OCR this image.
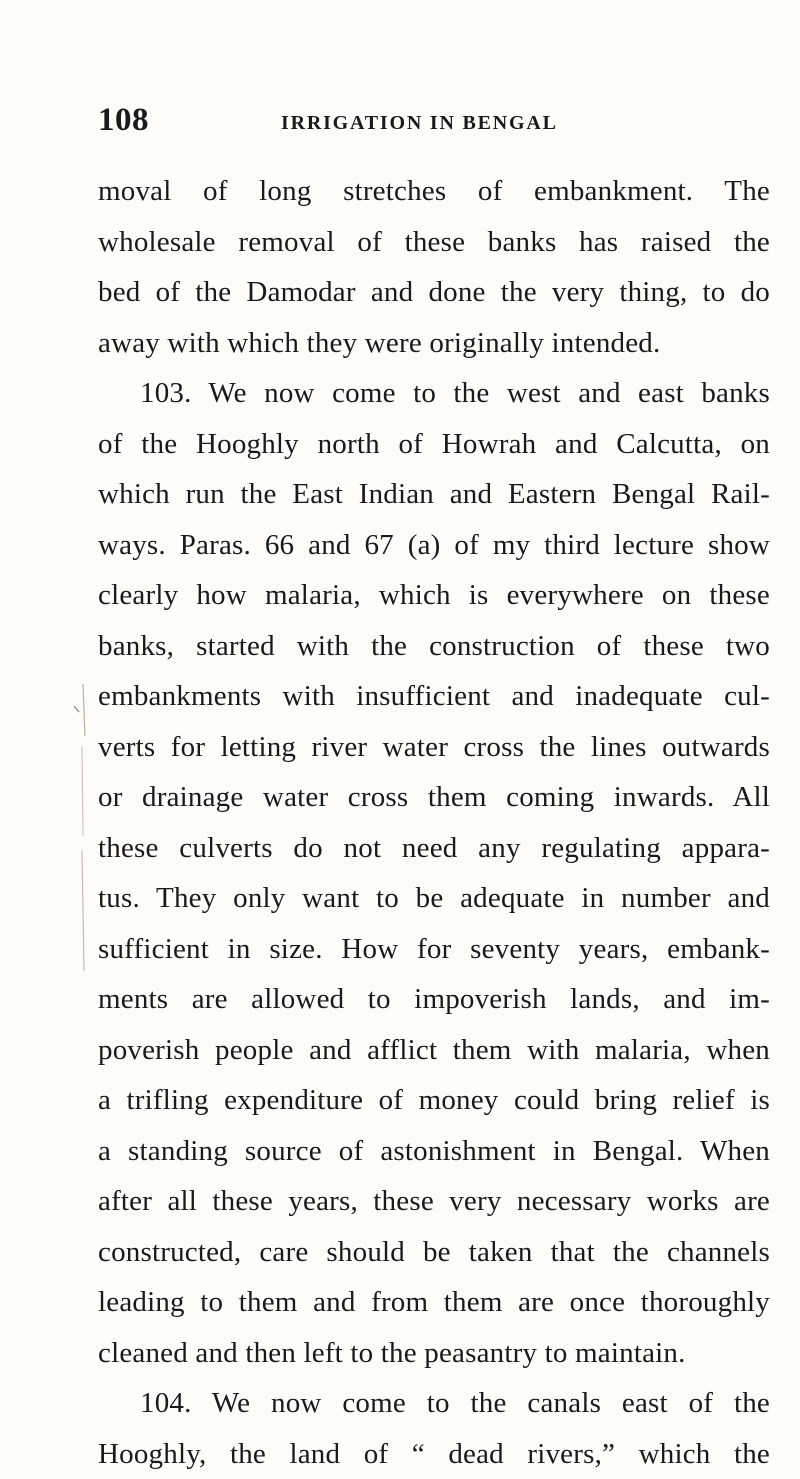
108	IRRIGATION IN BENGAL
moval of long stretches of embankment. The
wholesale removal of these banks has raised the
bed of the Damodar and done the very thing, to do
away with which they were originally intended.
103. We now come to the west and east banks
of the Hooghly north of Howrah and Calcutta, on
which run the East Indian and Eastern Bengal Rail-
ways. Paras. 66 and 67 (a) of my third lecture show
clearly how malaria, which is everywhere on these
banks, started with the construction of these two
embankments with insufficient and inadequate cul-
verts for letting river water cross the lines outwards
or drainage water cross them coming inwards. All
these culverts do not need any regulating appara-
tus. They only want to be adequate in number and
sufficient in size. How for seventy years, embank-
ments are allowed to impoverish lands, and im-
poverish people and afflict them with malaria, when
a trifling expenditure of money could bring relief is
a standing source of astonishment in Bengal. When
after all these years, these very necessary works are
constructed, care should be taken that the channels
leading to them and from them are once thoroughly
cleaned and then left to the peasantry to maintain.
104. We now come to the canals east of the
Hooghly, the land of “ dead rivers,” which the
